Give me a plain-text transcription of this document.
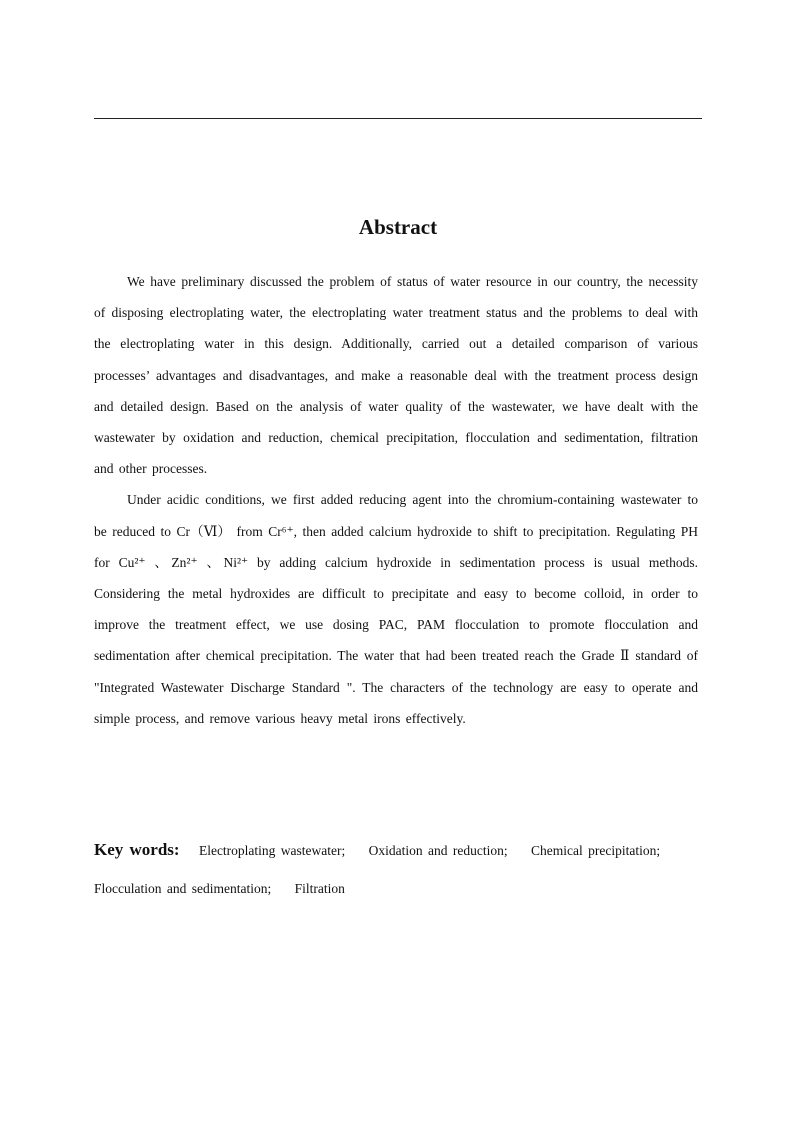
Abstract

We have preliminary discussed the problem of status of water resource in our country, the necessity of disposing electroplating water, the electroplating water treatment status and the problems to deal with the electroplating water in this design. Additionally, carried out a detailed comparison of various processes’ advantages and disadvantages, and make a reasonable deal with the treatment process design and detailed design. Based on the analysis of water quality of the wastewater, we have dealt with the wastewater by oxidation and reduction, chemical precipitation, flocculation and sedimentation, filtration and other processes.

Under acidic conditions, we first added reducing agent into the chromium-containing wastewater to be reduced to Cr（Ⅵ） from Cr⁶⁺, then added calcium hydroxide to shift to precipitation. Regulating PH for Cu²⁺ 、Zn²⁺ 、Ni²⁺ by adding calcium hydroxide in sedimentation process is usual methods. Considering the metal hydroxides are difficult to precipitate and easy to become colloid, in order to improve the treatment effect, we use dosing PAC, PAM flocculation to promote flocculation and sedimentation after chemical precipitation. The water that had been treated reach the Grade Ⅱ standard of "Integrated Wastewater Discharge Standard ". The characters of the technology are easy to operate and simple process, and remove various heavy metal irons effectively.

Key words: Electroplating wastewater; Oxidation and reduction; Chemical precipitation; Flocculation and sedimentation; Filtration
